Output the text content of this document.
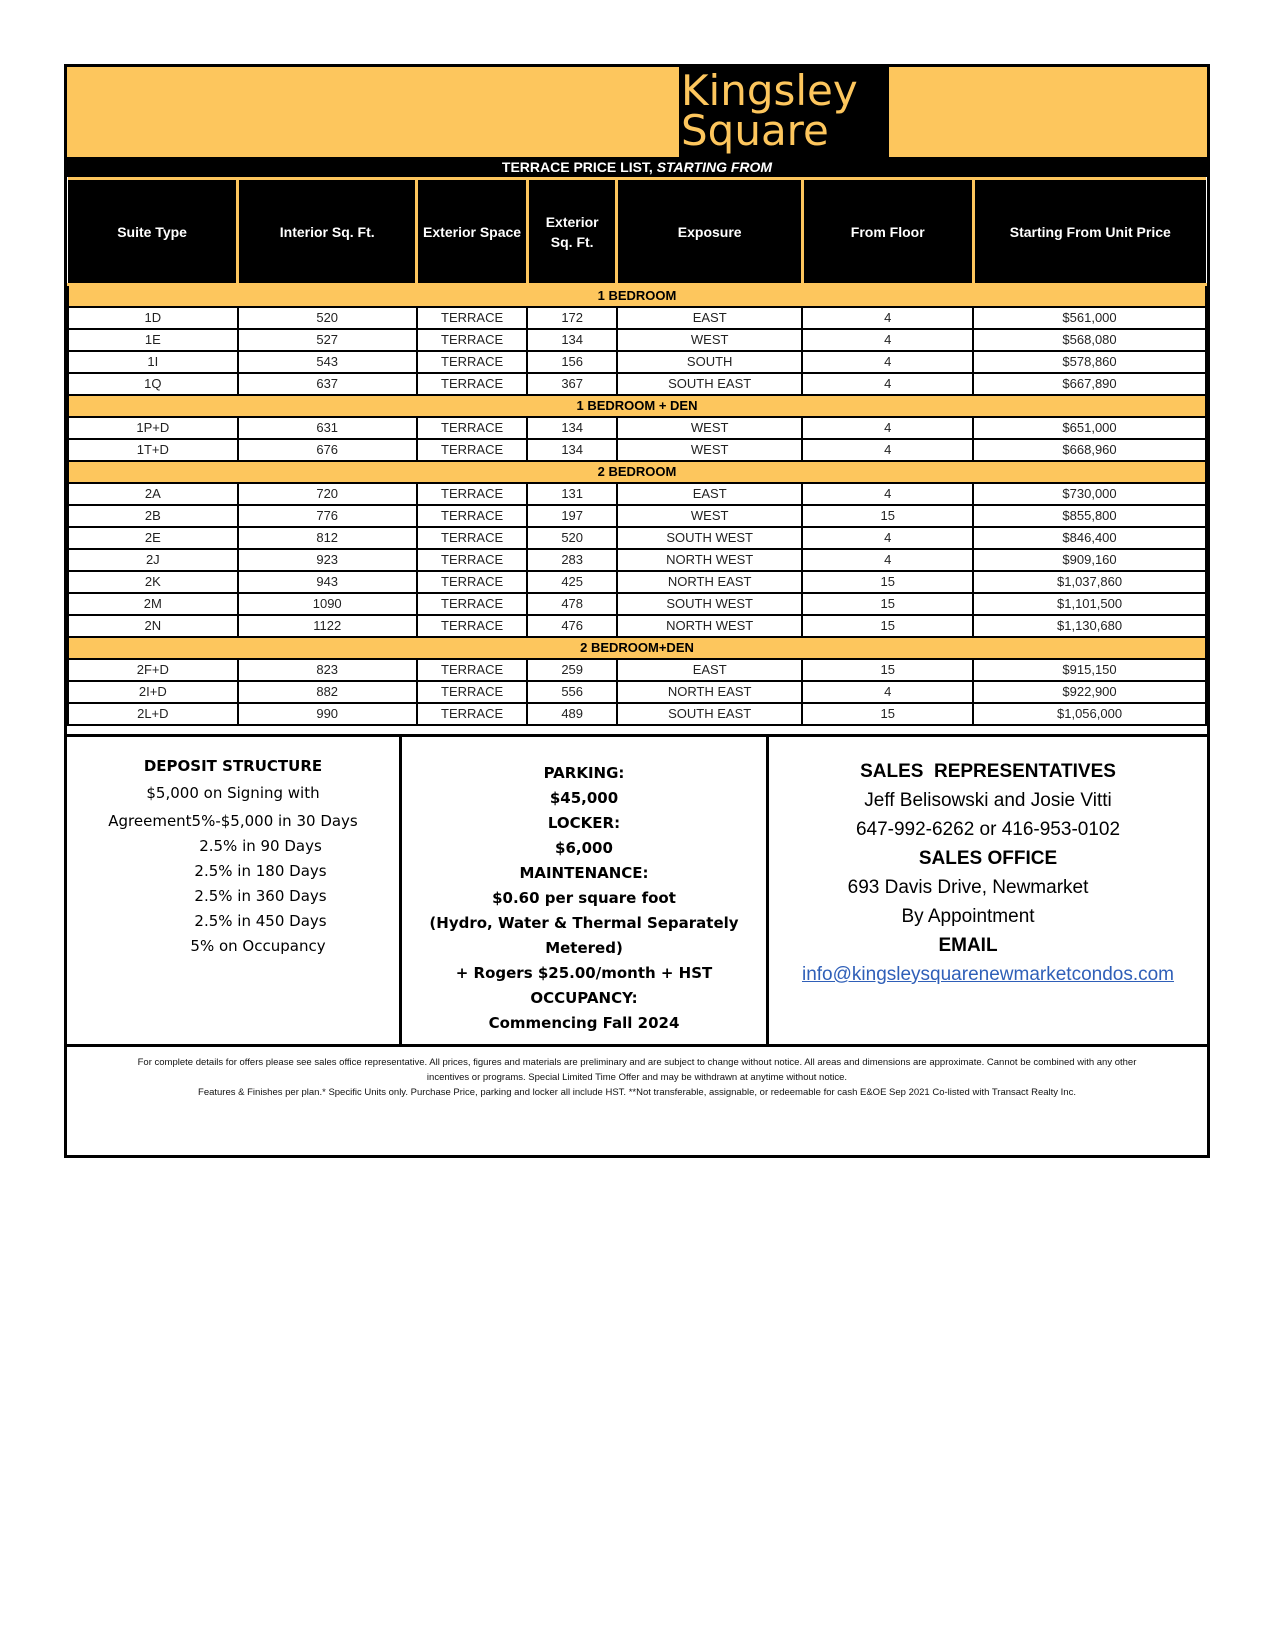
Kingsley
Square
TERRACE PRICE LIST, STARTING FROM
Suite Type	Interior Sq. Ft.	Exterior Space	Exterior Sq. Ft.	Exposure	From Floor	Starting From Unit Price
1 BEDROOM						
1D	520	TERRACE	172	EAST	4	$561,000
1E	527	TERRACE	134	WEST	4	$568,080
1I	543	TERRACE	156	SOUTH	4	$578,860
1Q	637	TERRACE	367	SOUTH EAST	4	$667,890
1 BEDROOM + DEN						
1P+D	631	TERRACE	134	WEST	4	$651,000
1T+D	676	TERRACE	134	WEST	4	$668,960
2 BEDROOM						
2A	720	TERRACE	131	EAST	4	$730,000
2B	776	TERRACE	197	WEST	15	$855,800
2E	812	TERRACE	520	SOUTH WEST	4	$846,400
2J	923	TERRACE	283	NORTH WEST	4	$909,160
2K	943	TERRACE	425	NORTH EAST	15	$1,037,860
2M	1090	TERRACE	478	SOUTH WEST	15	$1,101,500
2N	1122	TERRACE	476	NORTH WEST	15	$1,130,680
2 BEDROOM+DEN						
2F+D	823	TERRACE	259	EAST	15	$915,150
2I+D	882	TERRACE	556	NORTH EAST	4	$922,900
2L+D	990	TERRACE	489	SOUTH EAST	15	$1,056,000
DEPOSIT STRUCTURE
$5,000 on Signing with
Agreement5%-$5,000 in 30 Days
2.5% in 90 Days
2.5% in 180 Days
2.5% in 360 Days
2.5% in 450 Days
5% on Occupancy
PARKING:
$45,000
LOCKER:
$6,000
MAINTENANCE:
$0.60 per square foot
(Hydro, Water & Thermal Separately
Metered)
+ Rogers $25.00/month + HST
OCCUPANCY:
Commencing Fall 2024
SALES  REPRESENTATIVES
Jeff Belisowski and Josie Vitti
647-992-6262 or 416-953-0102
SALES OFFICE
693 Davis Drive, Newmarket
By Appointment
EMAIL
info@kingsleysquarenewmarketcondos.com
For complete details for offers please see sales office representative. All prices, figures and materials are preliminary and are subject to change without notice. All areas and dimensions are approximate. Cannot be combined with any other
incentives or programs. Special Limited Time Offer and may be withdrawn at anytime without notice.
Features & Finishes per plan.* Specific Units only. Purchase Price, parking and locker all include HST. **Not transferable, assignable, or redeemable for cash E&OE Sep 2021 Co-listed with Transact Realty Inc.
